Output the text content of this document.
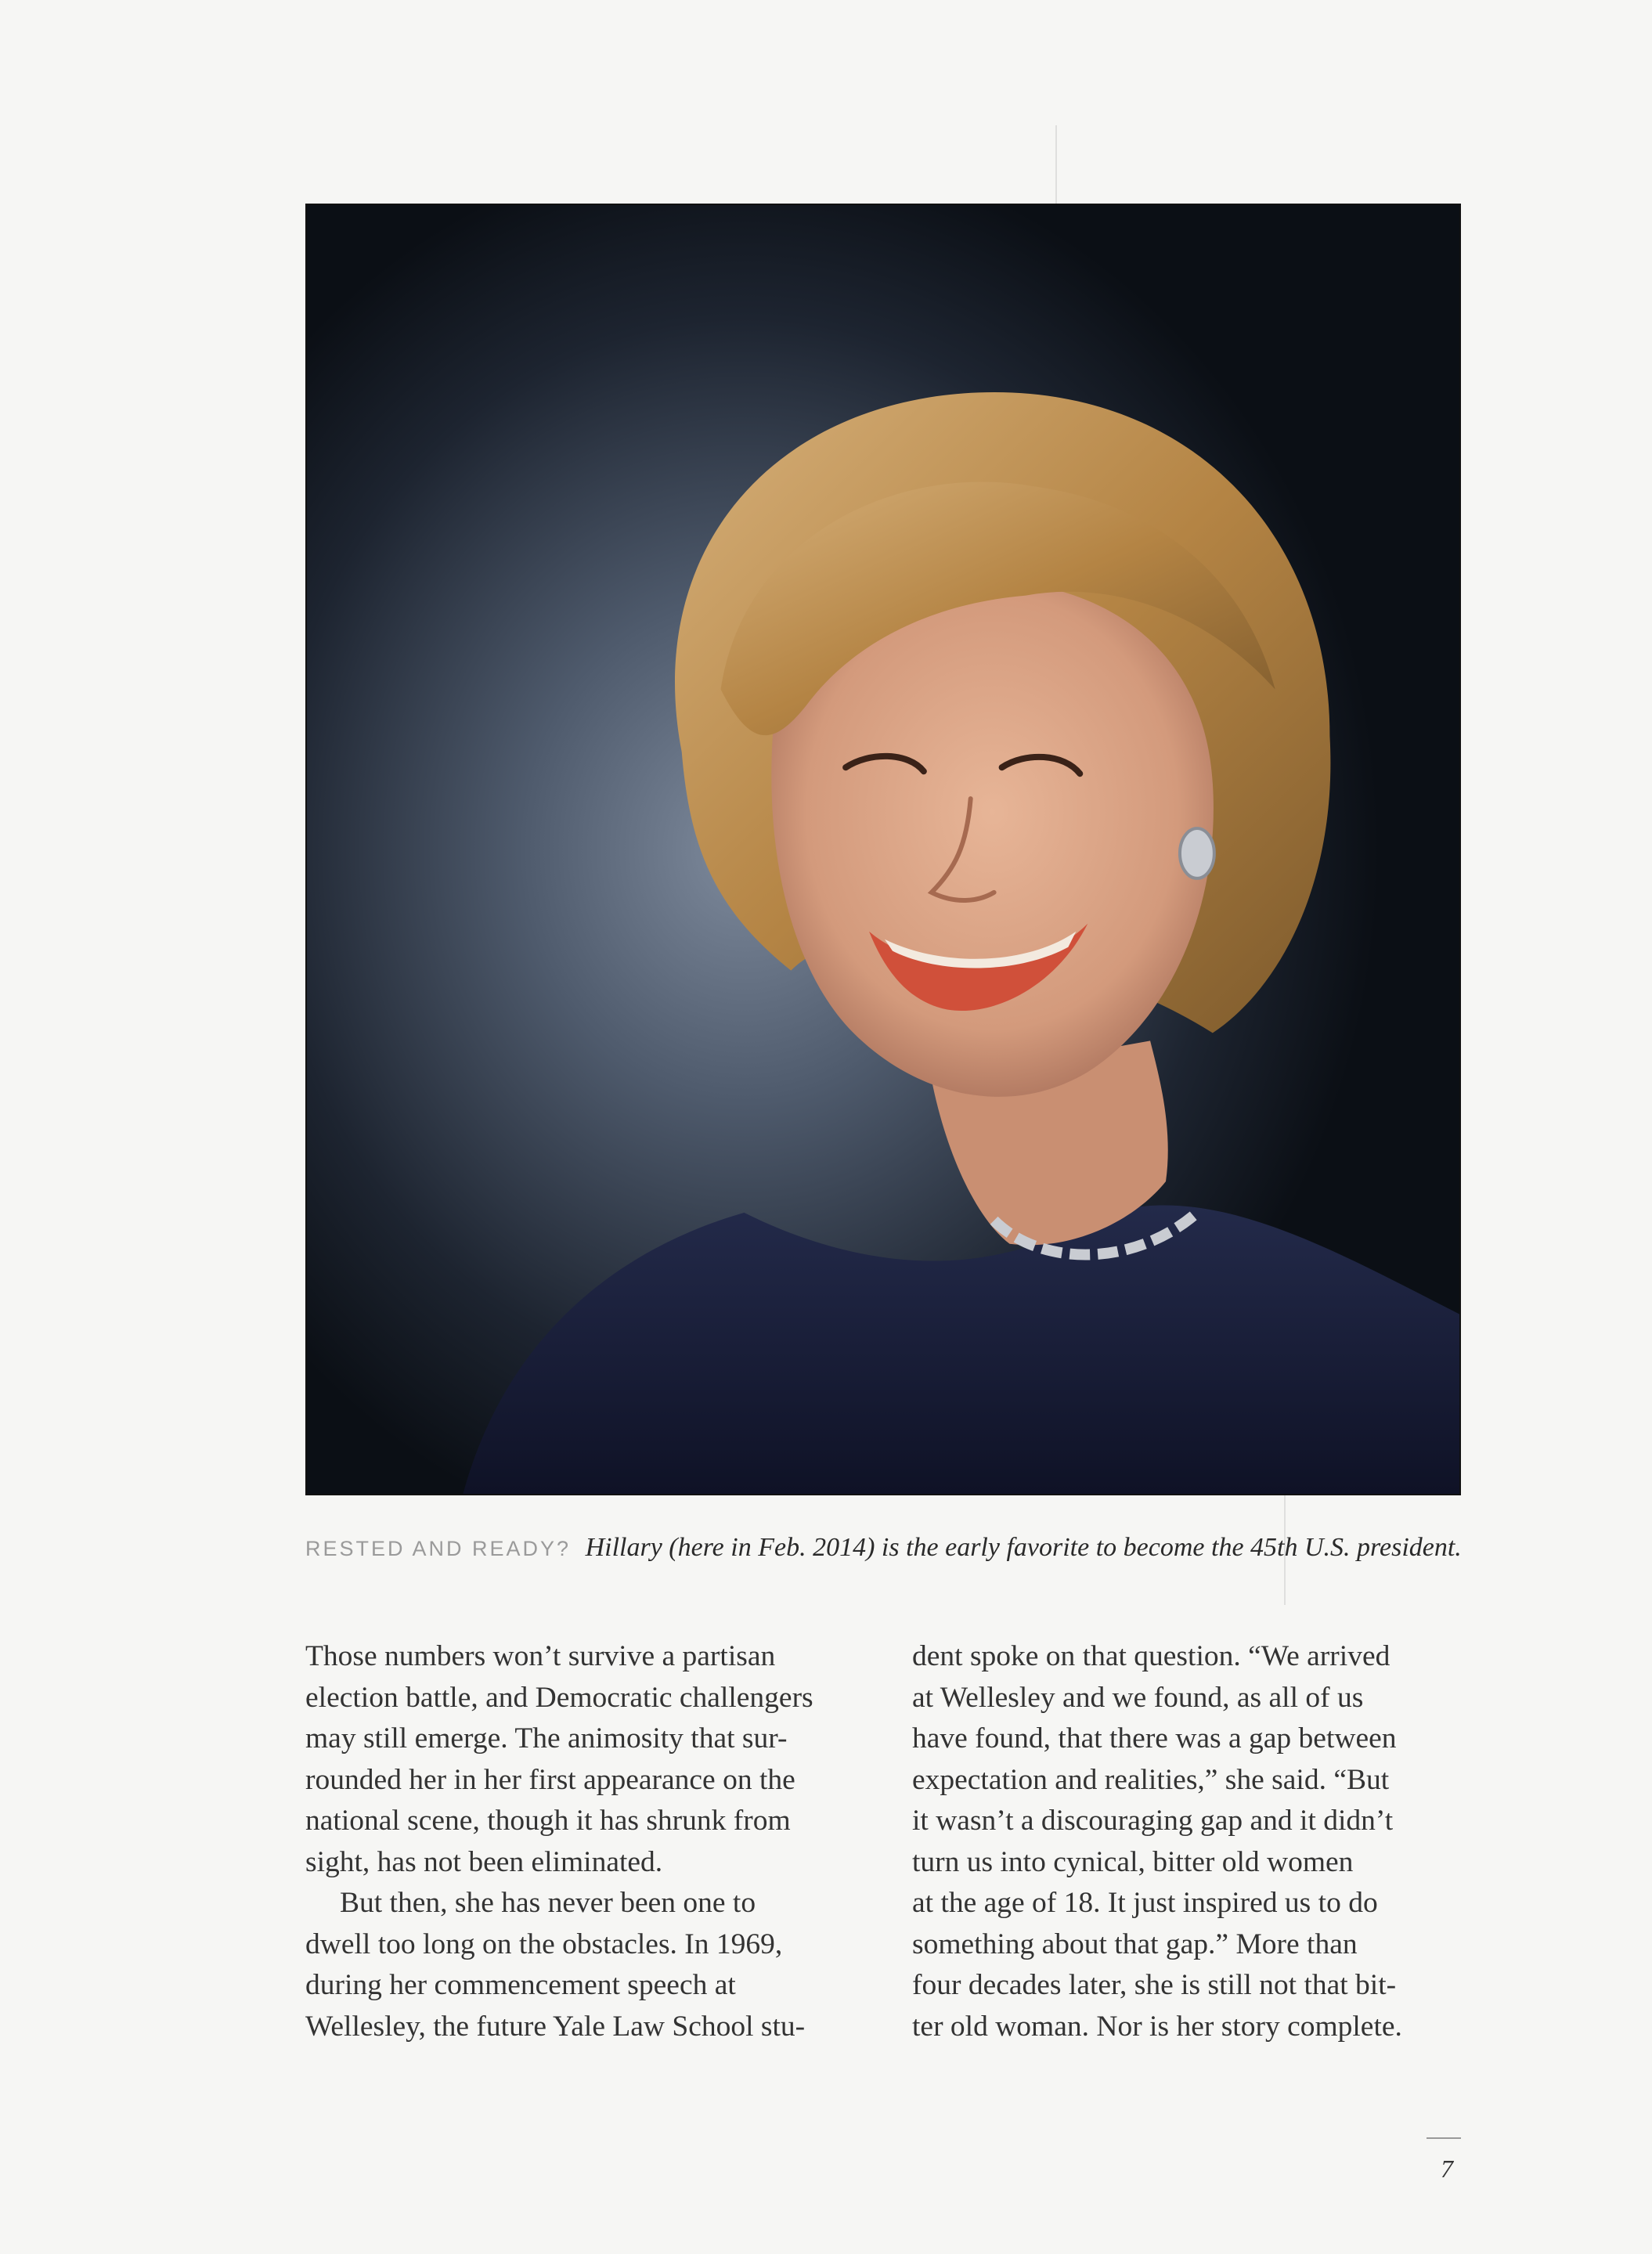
RESTED AND READY? Hillary (here in Feb. 2014) is the early favorite to become the 45th U.S. president.

Those numbers won’t survive a partisan
election battle, and Democratic challengers
may still emerge. The animosity that sur-
rounded her in her first appearance on the
national scene, though it has shrunk from
sight, has not been eliminated.

But then, she has never been one to
dwell too long on the obstacles. In 1969,
during her commencement speech at
Wellesley, the future Yale Law School stu-

dent spoke on that question. “We arrived
at Wellesley and we found, as all of us
have found, that there was a gap between
expectation and realities,” she said. “But
it wasn’t a discouraging gap and it didn’t
turn us into cynical, bitter old women
at the age of 18. It just inspired us to do
something about that gap.” More than
four decades later, she is still not that bit-
ter old woman. Nor is her story complete.

7
